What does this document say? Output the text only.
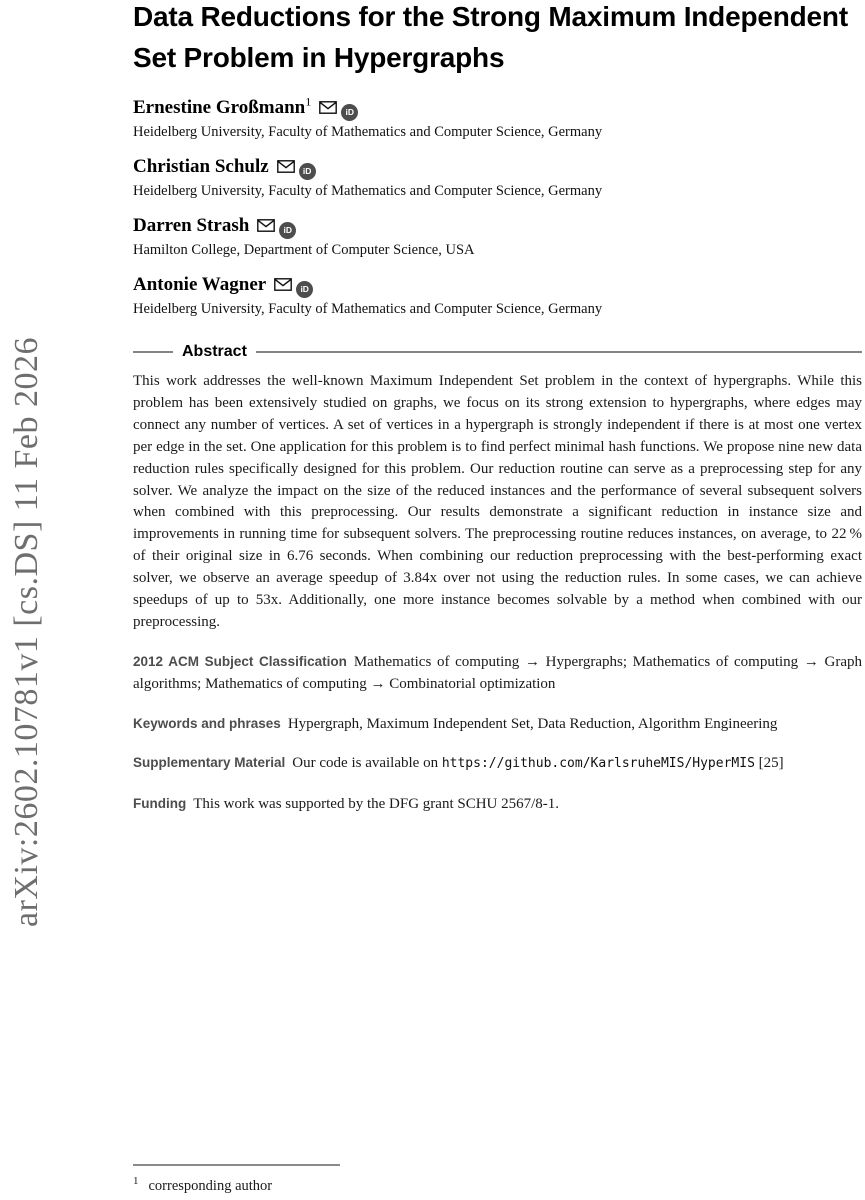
arXiv:2602.10781v1 [cs.DS] 11 Feb 2026
Data Reductions for the Strong Maximum Independent Set Problem in Hypergraphs
Ernestine Großmann$^1$iD
Heidelberg University, Faculty of Mathematics and Computer Science, Germany
Christian Schulz	iD
Heidelberg University, Faculty of Mathematics and Computer Science, Germany
Darren Strash	iD
Hamilton College, Department of Computer Science, USA
Antonie Wagner	iD
Heidelberg University, Faculty of Mathematics and Computer Science, Germany
Abstract
This work addresses the well-known Maximum Independent Set problem in the context of hypergraphs. While this problem has been extensively studied on graphs, we focus on its strong extension to hypergraphs, where edges may connect any number of vertices. A set of vertices in a hypergraph is strongly independent if there is at most one vertex per edge in the set. One application for this problem is to find perfect minimal hash functions. We propose nine new data reduction rules specifically designed for this problem. Our reduction routine can serve as a preprocessing step for any solver. We analyze the impact on the size of the reduced instances and the performance of several subsequent solvers when combined with this preprocessing. Our results demonstrate a significant reduction in instance size and improvements in running time for subsequent solvers. The preprocessing routine reduces instances, on average, to 22 % of their original size in 6.76 seconds. When combining our reduction preprocessing with the best-performing exact solver, we observe an average speedup of 3.84x over not using the reduction rules. In some cases, we can achieve speedups of up to 53x. Additionally, one more instance becomes solvable by a method when combined with our preprocessing.
2012 ACM Subject Classification Mathematics of computing → Hypergraphs; Mathematics of computing → Graph algorithms; Mathematics of computing → Combinatorial optimization
Keywords and phrases Hypergraph, Maximum Independent Set, Data Reduction, Algorithm Engineering
Supplementary Material Our code is available on https://github.com/KarlsruheMIS/HyperMIS [25]
Funding This work was supported by the DFG grant SCHU 2567/8-1.
$^1$ corresponding author
